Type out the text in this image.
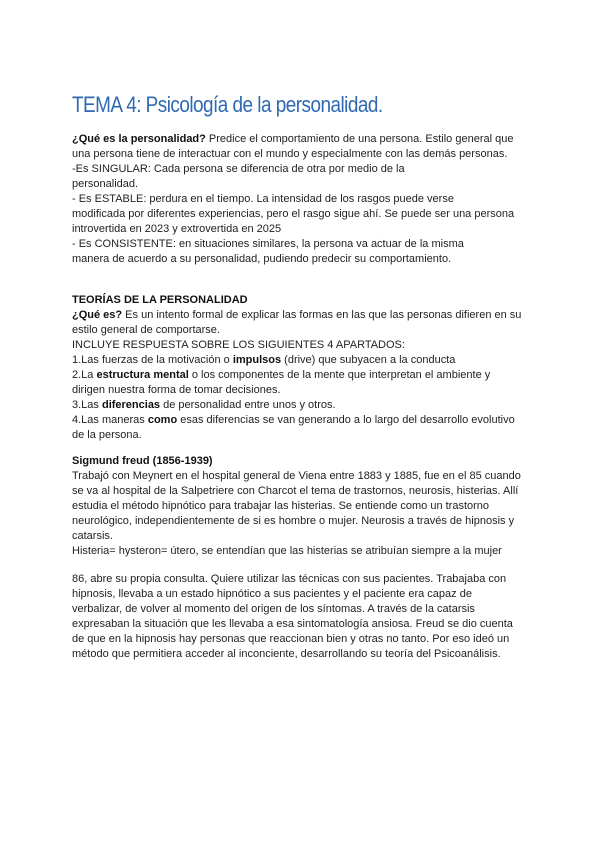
TEMA 4: Psicología de la personalidad.
¿Qué es la personalidad? Predice el comportamiento de una persona. Estilo general que
una persona tiene de interactuar con el mundo y especialmente con las demás personas.
-Es SINGULAR: Cada persona se diferencia de otra por medio de la
personalidad.
- Es ESTABLE: perdura en el tiempo. La intensidad de los rasgos puede verse
modificada por diferentes experiencias, pero el rasgo sigue ahí. Se puede ser una persona
introvertida en 2023 y extrovertida en 2025
- Es CONSISTENTE: en situaciones similares, la persona va actuar de la misma
manera de acuerdo a su personalidad, pudiendo predecir su comportamiento.
TEORÍAS DE LA PERSONALIDAD
¿Qué es? Es un intento formal de explicar las formas en las que las personas difieren en su
estilo general de comportarse.
INCLUYE RESPUESTA SOBRE LOS SIGUIENTES 4 APARTADOS:
1.Las fuerzas de la motivación o impulsos (drive) que subyacen a la conducta
2.La estructura mental o los componentes de la mente que interpretan el ambiente y
dirigen nuestra forma de tomar decisiones.
3.Las diferencias de personalidad entre unos y otros.
4.Las maneras como esas diferencias se van generando a lo largo del desarrollo evolutivo
de la persona.
Sigmund freud (1856-1939)
Trabajó con Meynert en el hospital general de Viena entre 1883 y 1885, fue en el 85 cuando
se va al hospital de la Salpetriere con Charcot el tema de trastornos, neurosis, histerias. Allí
estudia el método hipnótico para trabajar las histerias. Se entiende como un trastorno
neurológico, independientemente de si es hombre o mujer. Neurosis a través de hipnosis y
catarsis.
Histeria= hysteron= útero, se entendían que las histerias se atribuían siempre a la mujer
86, abre su propia consulta. Quiere utilizar las técnicas con sus pacientes. Trabajaba con
hipnosis, llevaba a un estado hipnótico a sus pacientes y el paciente era capaz de
verbalizar, de volver al momento del origen de los síntomas. A través de la catarsis
expresaban la situación que les llevaba a esa sintomatología ansiosa. Freud se dio cuenta
de que en la hipnosis hay personas que reaccionan bien y otras no tanto. Por eso ideó un
método que permitiera acceder al inconciente, desarrollando su teoría del Psicoanálisis.
